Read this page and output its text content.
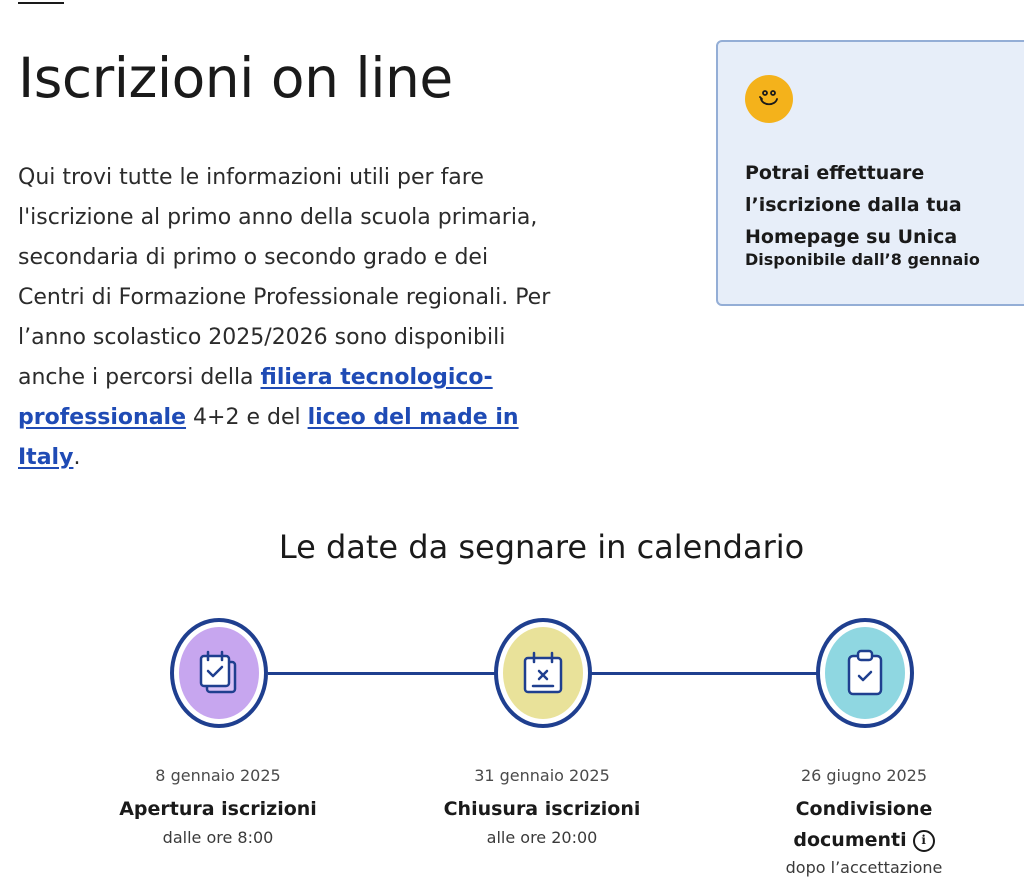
Iscrizioni on line

Qui trovi tutte le informazioni utili per fare l'iscrizione al primo anno della scuola primaria, secondaria di primo o secondo grado e dei Centri di Formazione Professionale regionali. Per l’anno scolastico 2025/2026 sono disponibili anche i percorsi della filiera tecnologico-professionale 4+2 e del liceo del made in Italy.

Potrai effettuare l’iscrizione dalla tua Homepage su Unica

Disponibile dall’8 gennaio

Le date da segnare in calendario
8 gennaio 2025
Apertura iscrizioni
dalle ore 8:00
31 gennaio 2025
Chiusura iscrizioni
alle ore 20:00
26 giugno 2025
Condivisione documenti i
dopo l’accettazione
